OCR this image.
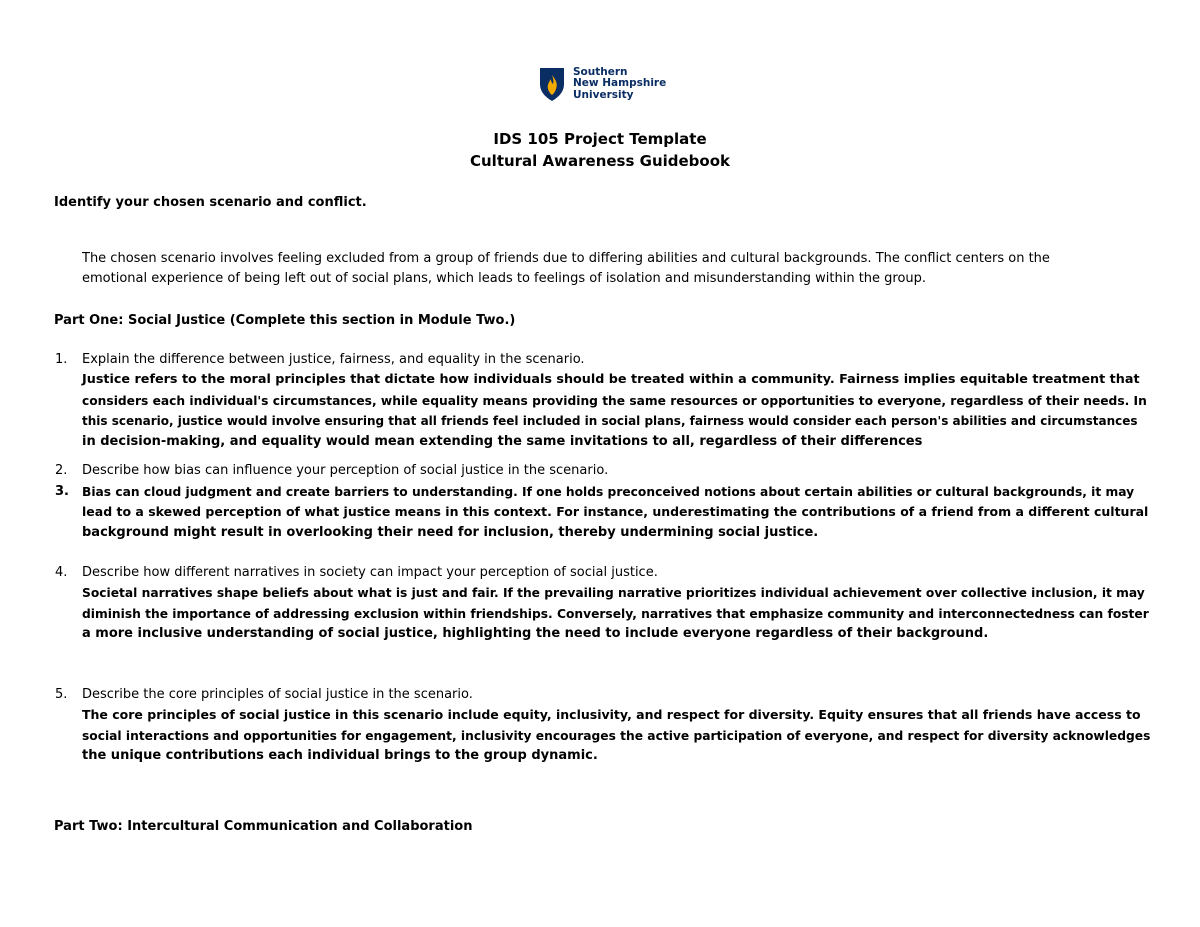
Southern
New Hampshire
University
IDS 105 Project Template
Cultural Awareness Guidebook
Identify your chosen scenario and conflict.
The chosen scenario involves feeling excluded from a group of friends due to differing abilities and cultural backgrounds. The conflict centers on the
emotional experience of being left out of social plans, which leads to feelings of isolation and misunderstanding within the group.
Part One: Social Justice (Complete this section in Module Two.)
1. Explain the difference between justice, fairness, and equality in the scenario.
Justice refers to the moral principles that dictate how individuals should be treated within a community. Fairness implies equitable treatment that
considers each individual's circumstances, while equality means providing the same resources or opportunities to everyone, regardless of their needs. In
this scenario, justice would involve ensuring that all friends feel included in social plans, fairness would consider each person's abilities and circumstances
in decision-making, and equality would mean extending the same invitations to all, regardless of their differences
2. Describe how bias can influence your perception of social justice in the scenario.
3. Bias can cloud judgment and create barriers to understanding. If one holds preconceived notions about certain abilities or cultural backgrounds, it may
lead to a skewed perception of what justice means in this context. For instance, underestimating the contributions of a friend from a different cultural
background might result in overlooking their need for inclusion, thereby undermining social justice.
4. Describe how different narratives in society can impact your perception of social justice.
Societal narratives shape beliefs about what is just and fair. If the prevailing narrative prioritizes individual achievement over collective inclusion, it may
diminish the importance of addressing exclusion within friendships. Conversely, narratives that emphasize community and interconnectedness can foster
a more inclusive understanding of social justice, highlighting the need to include everyone regardless of their background.
5. Describe the core principles of social justice in the scenario.
The core principles of social justice in this scenario include equity, inclusivity, and respect for diversity. Equity ensures that all friends have access to
social interactions and opportunities for engagement, inclusivity encourages the active participation of everyone, and respect for diversity acknowledges
the unique contributions each individual brings to the group dynamic.
Part Two: Intercultural Communication and Collaboration
